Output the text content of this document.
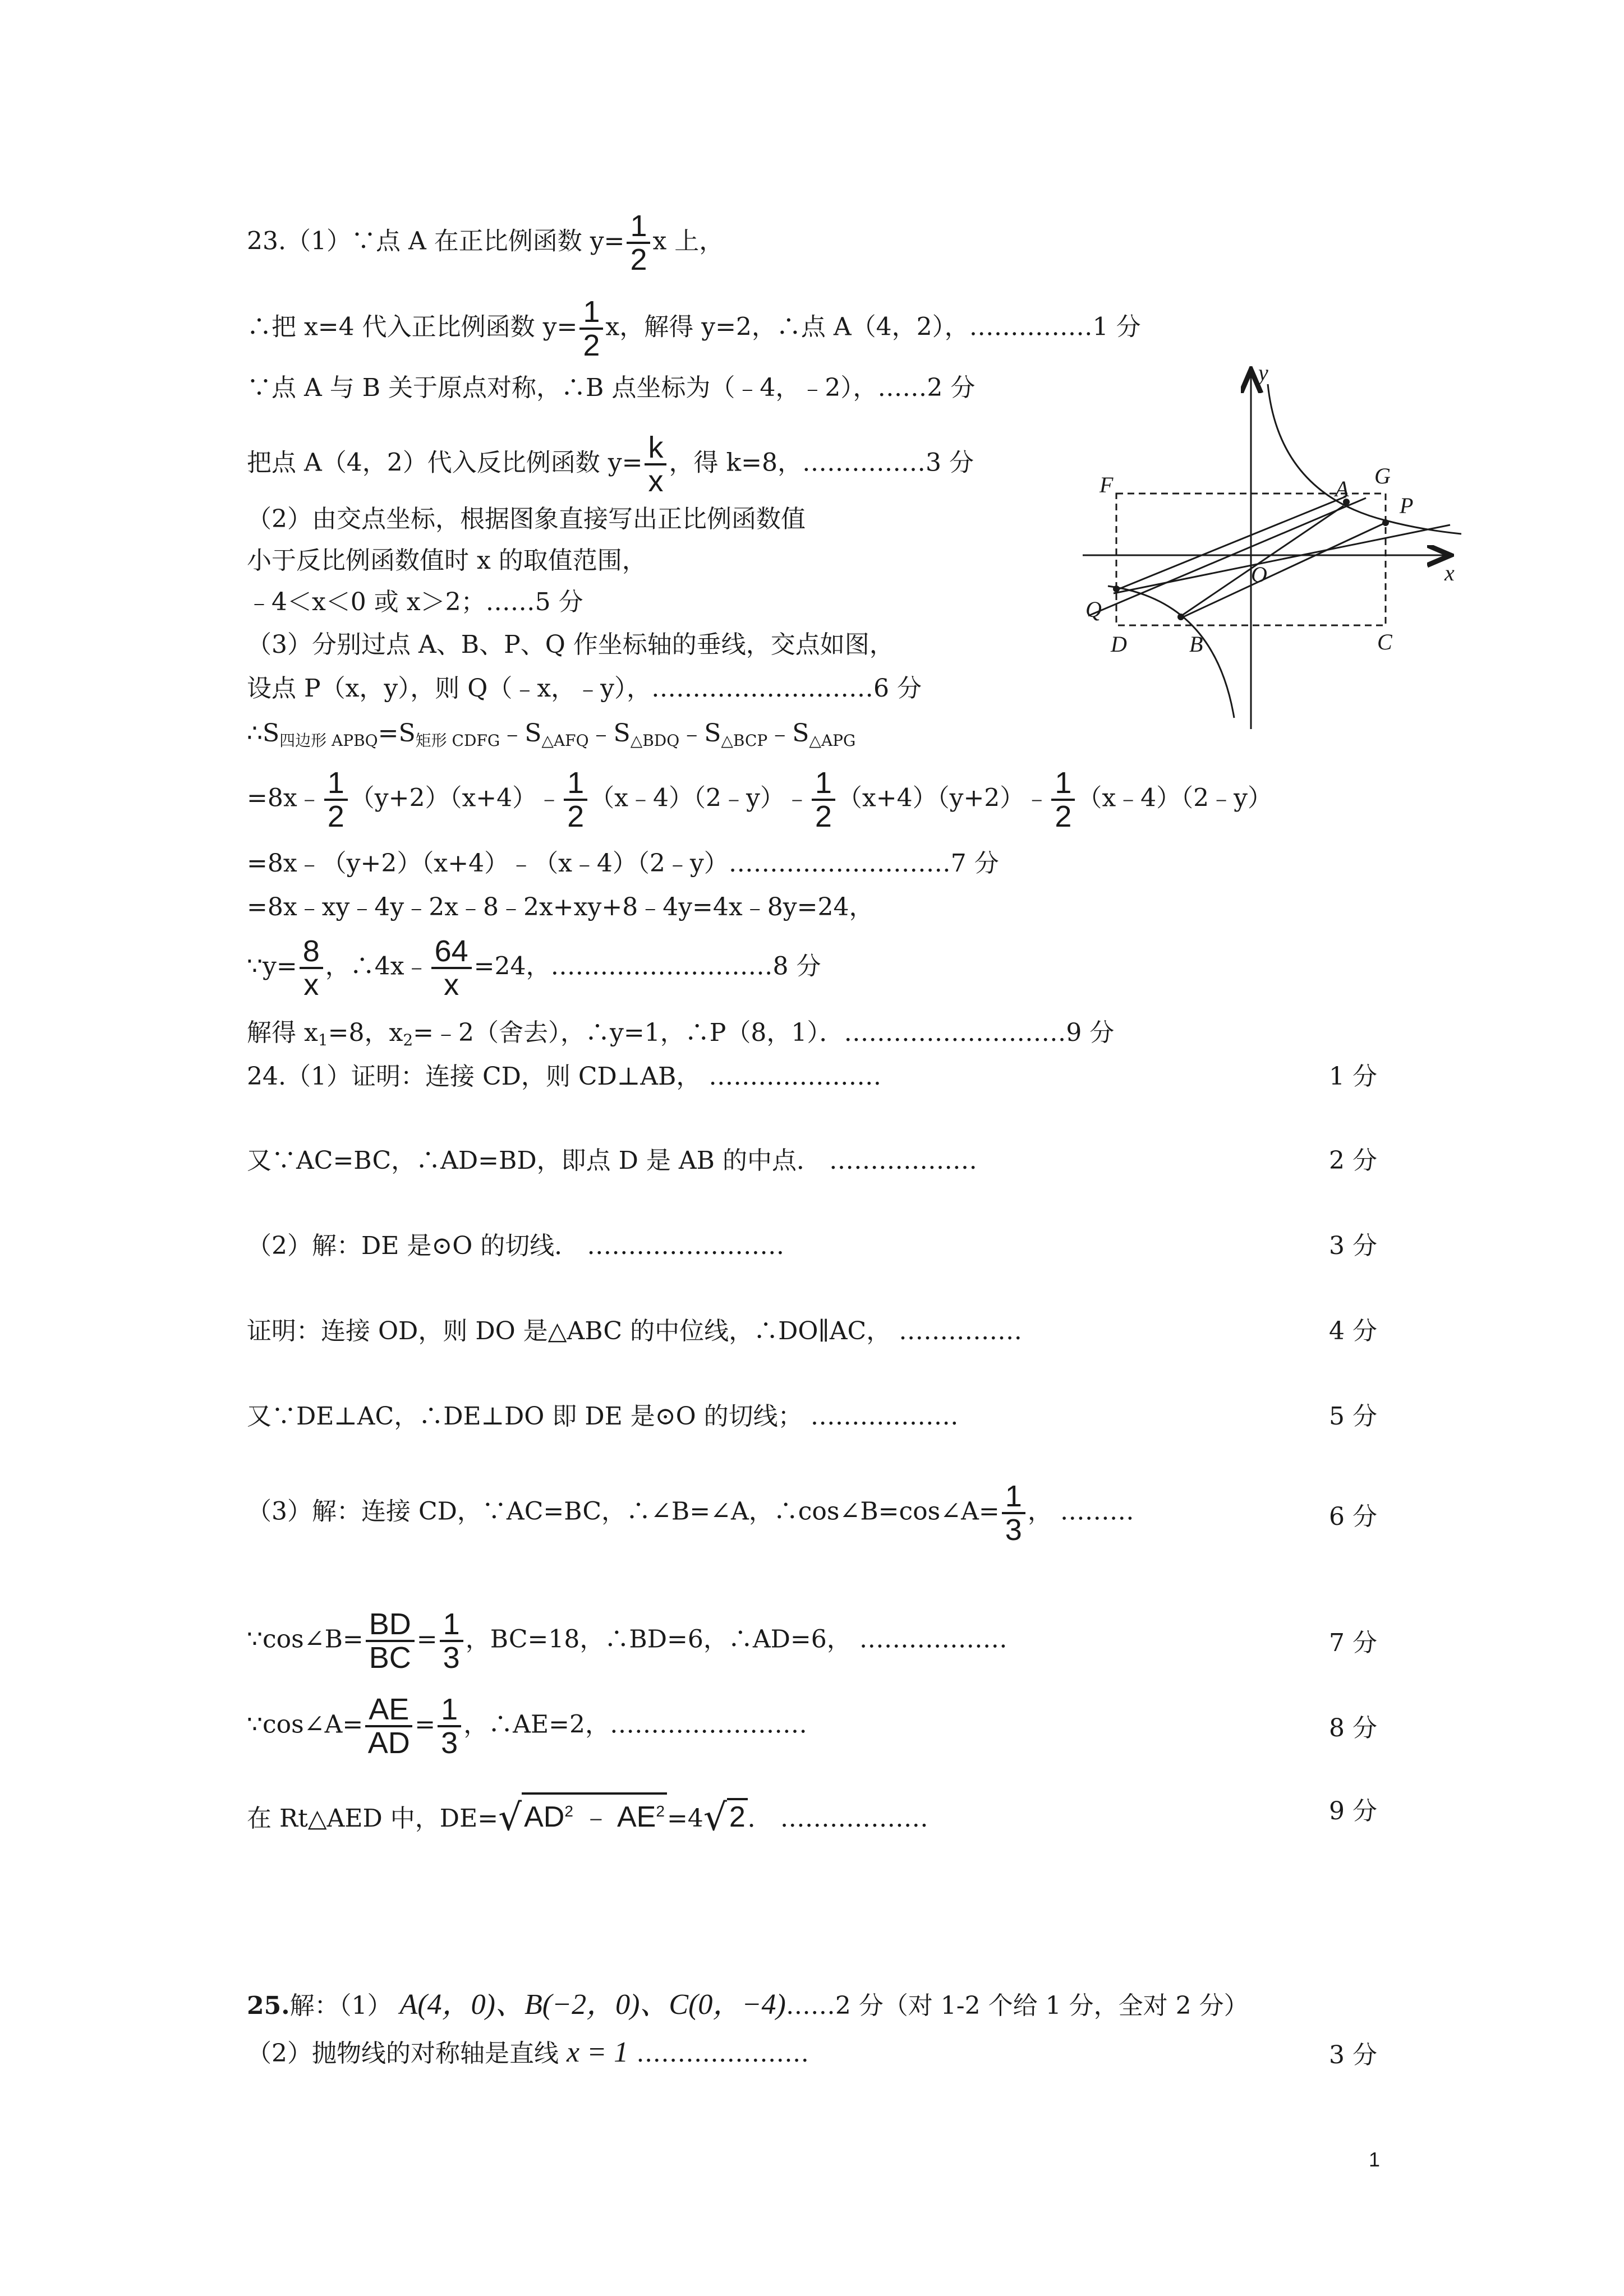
23.（1）∵点 A 在正比例函数 $y= \frac{1}{2}$ x 上，
∴把 x=4 代入正比例函数 $y= \frac{1}{2}$ x，解得 y=2，∴点 A（4，2），……………1 分
∵点 A 与 B 关于原点对称，∴B 点坐标为（﹣4，﹣2），……2 分
把点 A（4，2）代入反比例函数 $y= \frac{k}{x}$ ，得 k=8，……………3 分
（2）由交点坐标，根据图象直接写出正比例函数值
小于反比例函数值时 x 的取值范围，
﹣4＜x＜0 或 x＞2；……5 分
（3）分别过点 A、B、P、Q 作坐标轴的垂线，交点如图，
设点 P（x，y），则 Q（﹣x，﹣y），………………………6 分
$\therefore S_{四边形 APBQ}=S_{矩形 CDFG}﹣S_{\triangle AFQ}﹣S_{\triangle BDQ}﹣S_{\triangle BCP}﹣S_{\triangle APG}$
=8x﹣ $\frac{1}{2}$ （y+2）（x+4）﹣ $\frac{1}{2}$ （x﹣4）（2﹣y）﹣ $\frac{1}{2}$ （x+4）（y+2）﹣ $\frac{1}{2}$ （x﹣4）（2﹣y）
=8x﹣（y+2）（x+4）﹣（x﹣4）（2﹣y）………………………7 分
=8x﹣xy﹣4y﹣2x﹣8﹣2x+xy+8﹣4y=4x﹣8y=24，
∵y= $\frac{8}{x}$ ，∴4x﹣ $\frac{64}{x} =24$，………………………8 分
解得 $x_1=8$，$x_2=﹣2$（舍去），∴y=1，∴P（8，1）．………………………9 分
y
x
O
A
G
P
F
Q
D	B	C
24.（1）证明：连接 CD，则 CD⊥AB， …………………	1 分
又∵AC=BC，∴AD=BD，即点 D 是 AB 的中点． ………………	2 分
（2）解：DE 是⊙O 的切线． ……………………	3 分
证明：连接 OD，则 DO 是△ABC 的中位线，∴DO∥AC， ……………	4 分
又∵DE⊥AC，∴DE⊥DO 即 DE 是⊙O 的切线； ………………	5 分
（3）解：连接 CD，∵AC=BC，∴∠B=∠A，∴cos∠B=cos∠A= $\frac{1}{3}$ ， ………	6 分
∵cos∠B= $\frac{BD}{BC} = \frac{1}{3}$ ，BC=18，∴BD=6，∴AD=6， ………………	7 分
∵cos∠A= $\frac{AE}{AD} = \frac{1}{3}$ ，∴AE=2，……………………	8 分
在 Rt△AED 中，$DE=√AD^2$ ﹣ $AE^2=4√2$． ………………	9 分
25.解：（1） A(4，0)、B(−2，0)、C(0，−4)……2 分（对 1-2 个给 1 分，全对 2 分）
（2）抛物线的对称轴是直线 x = 1 …………………	3 分
1
